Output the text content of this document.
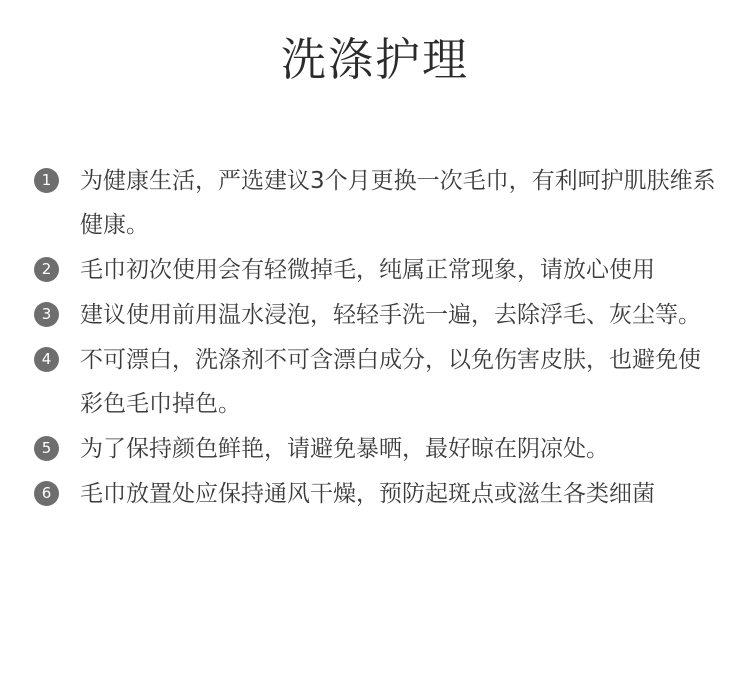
洗涤护理
1	为健康生活，严选建议3个月更换一次毛巾，有利呵护肌肤维系健康。
2	毛巾初次使用会有轻微掉毛，纯属正常现象，请放心使用
3	建议使用前用温水浸泡，轻轻手洗一遍，去除浮毛、灰尘等。
4	不可漂白，洗涤剂不可含漂白成分，以免伤害皮肤，也避免使彩色毛巾掉色。
5	为了保持颜色鲜艳，请避免暴晒，最好晾在阴凉处。
6	毛巾放置处应保持通风干燥，预防起斑点或滋生各类细菌
